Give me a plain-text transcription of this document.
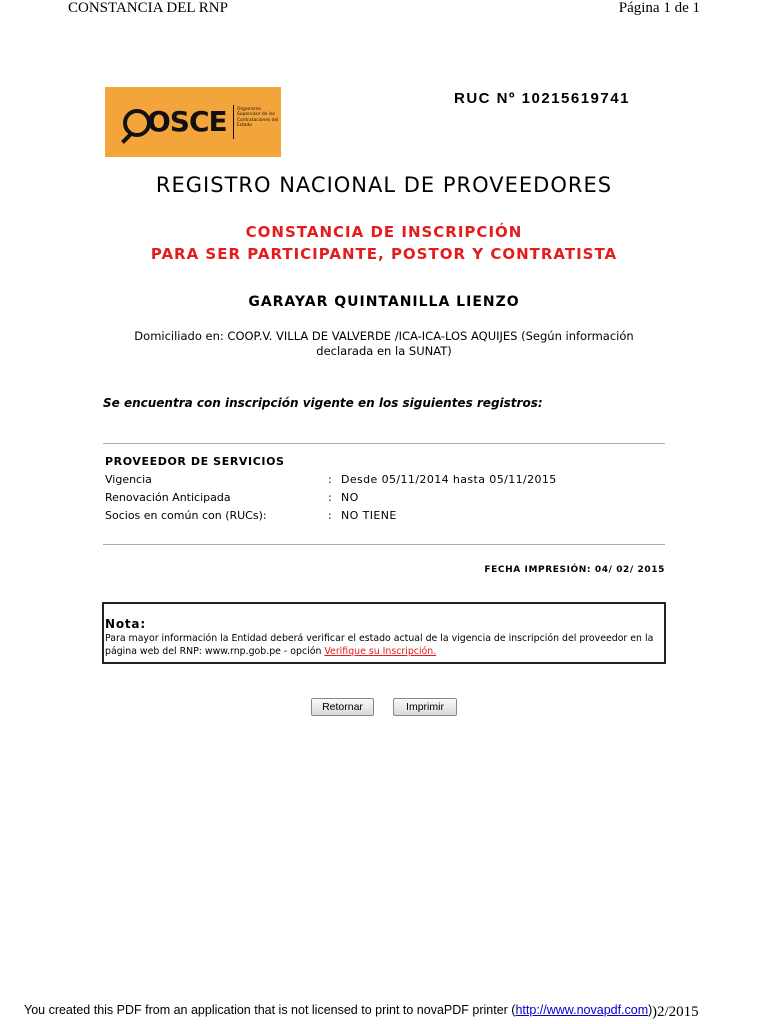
CONSTANCIA DEL RNP	Página 1 de 1
OSCE Organismo Supervisor de las Contrataciones del Estado
RUC Nº 10215619741
REGISTRO NACIONAL DE PROVEEDORES
CONSTANCIA DE INSCRIPCIÓN
PARA SER PARTICIPANTE, POSTOR Y CONTRATISTA
GARAYAR QUINTANILLA LIENZO
Domiciliado en: COOP.V. VILLA DE VALVERDE /ICA-ICA-LOS AQUIJES (Según información declarada en la SUNAT)
Se encuentra con inscripción vigente en los siguientes registros:
PROVEEDOR DE SERVICIOS
Vigencia	: Desde 05/11/2014 hasta 05/11/2015
Renovación Anticipada	: NO
Socios en común con (RUCs):	: NO TIENE
FECHA IMPRESIÓN: 04/ 02/ 2015
Nota:
Para mayor información la Entidad deberá verificar el estado actual de la vigencia de inscripción del proveedor en la página web del RNP: www.rnp.gob.pe - opción Verifique su Inscripción.
Retornar	Imprimir
You created this PDF from an application that is not licensed to print to novaPDF printer (http://www.novapdf.com) )2/2015
